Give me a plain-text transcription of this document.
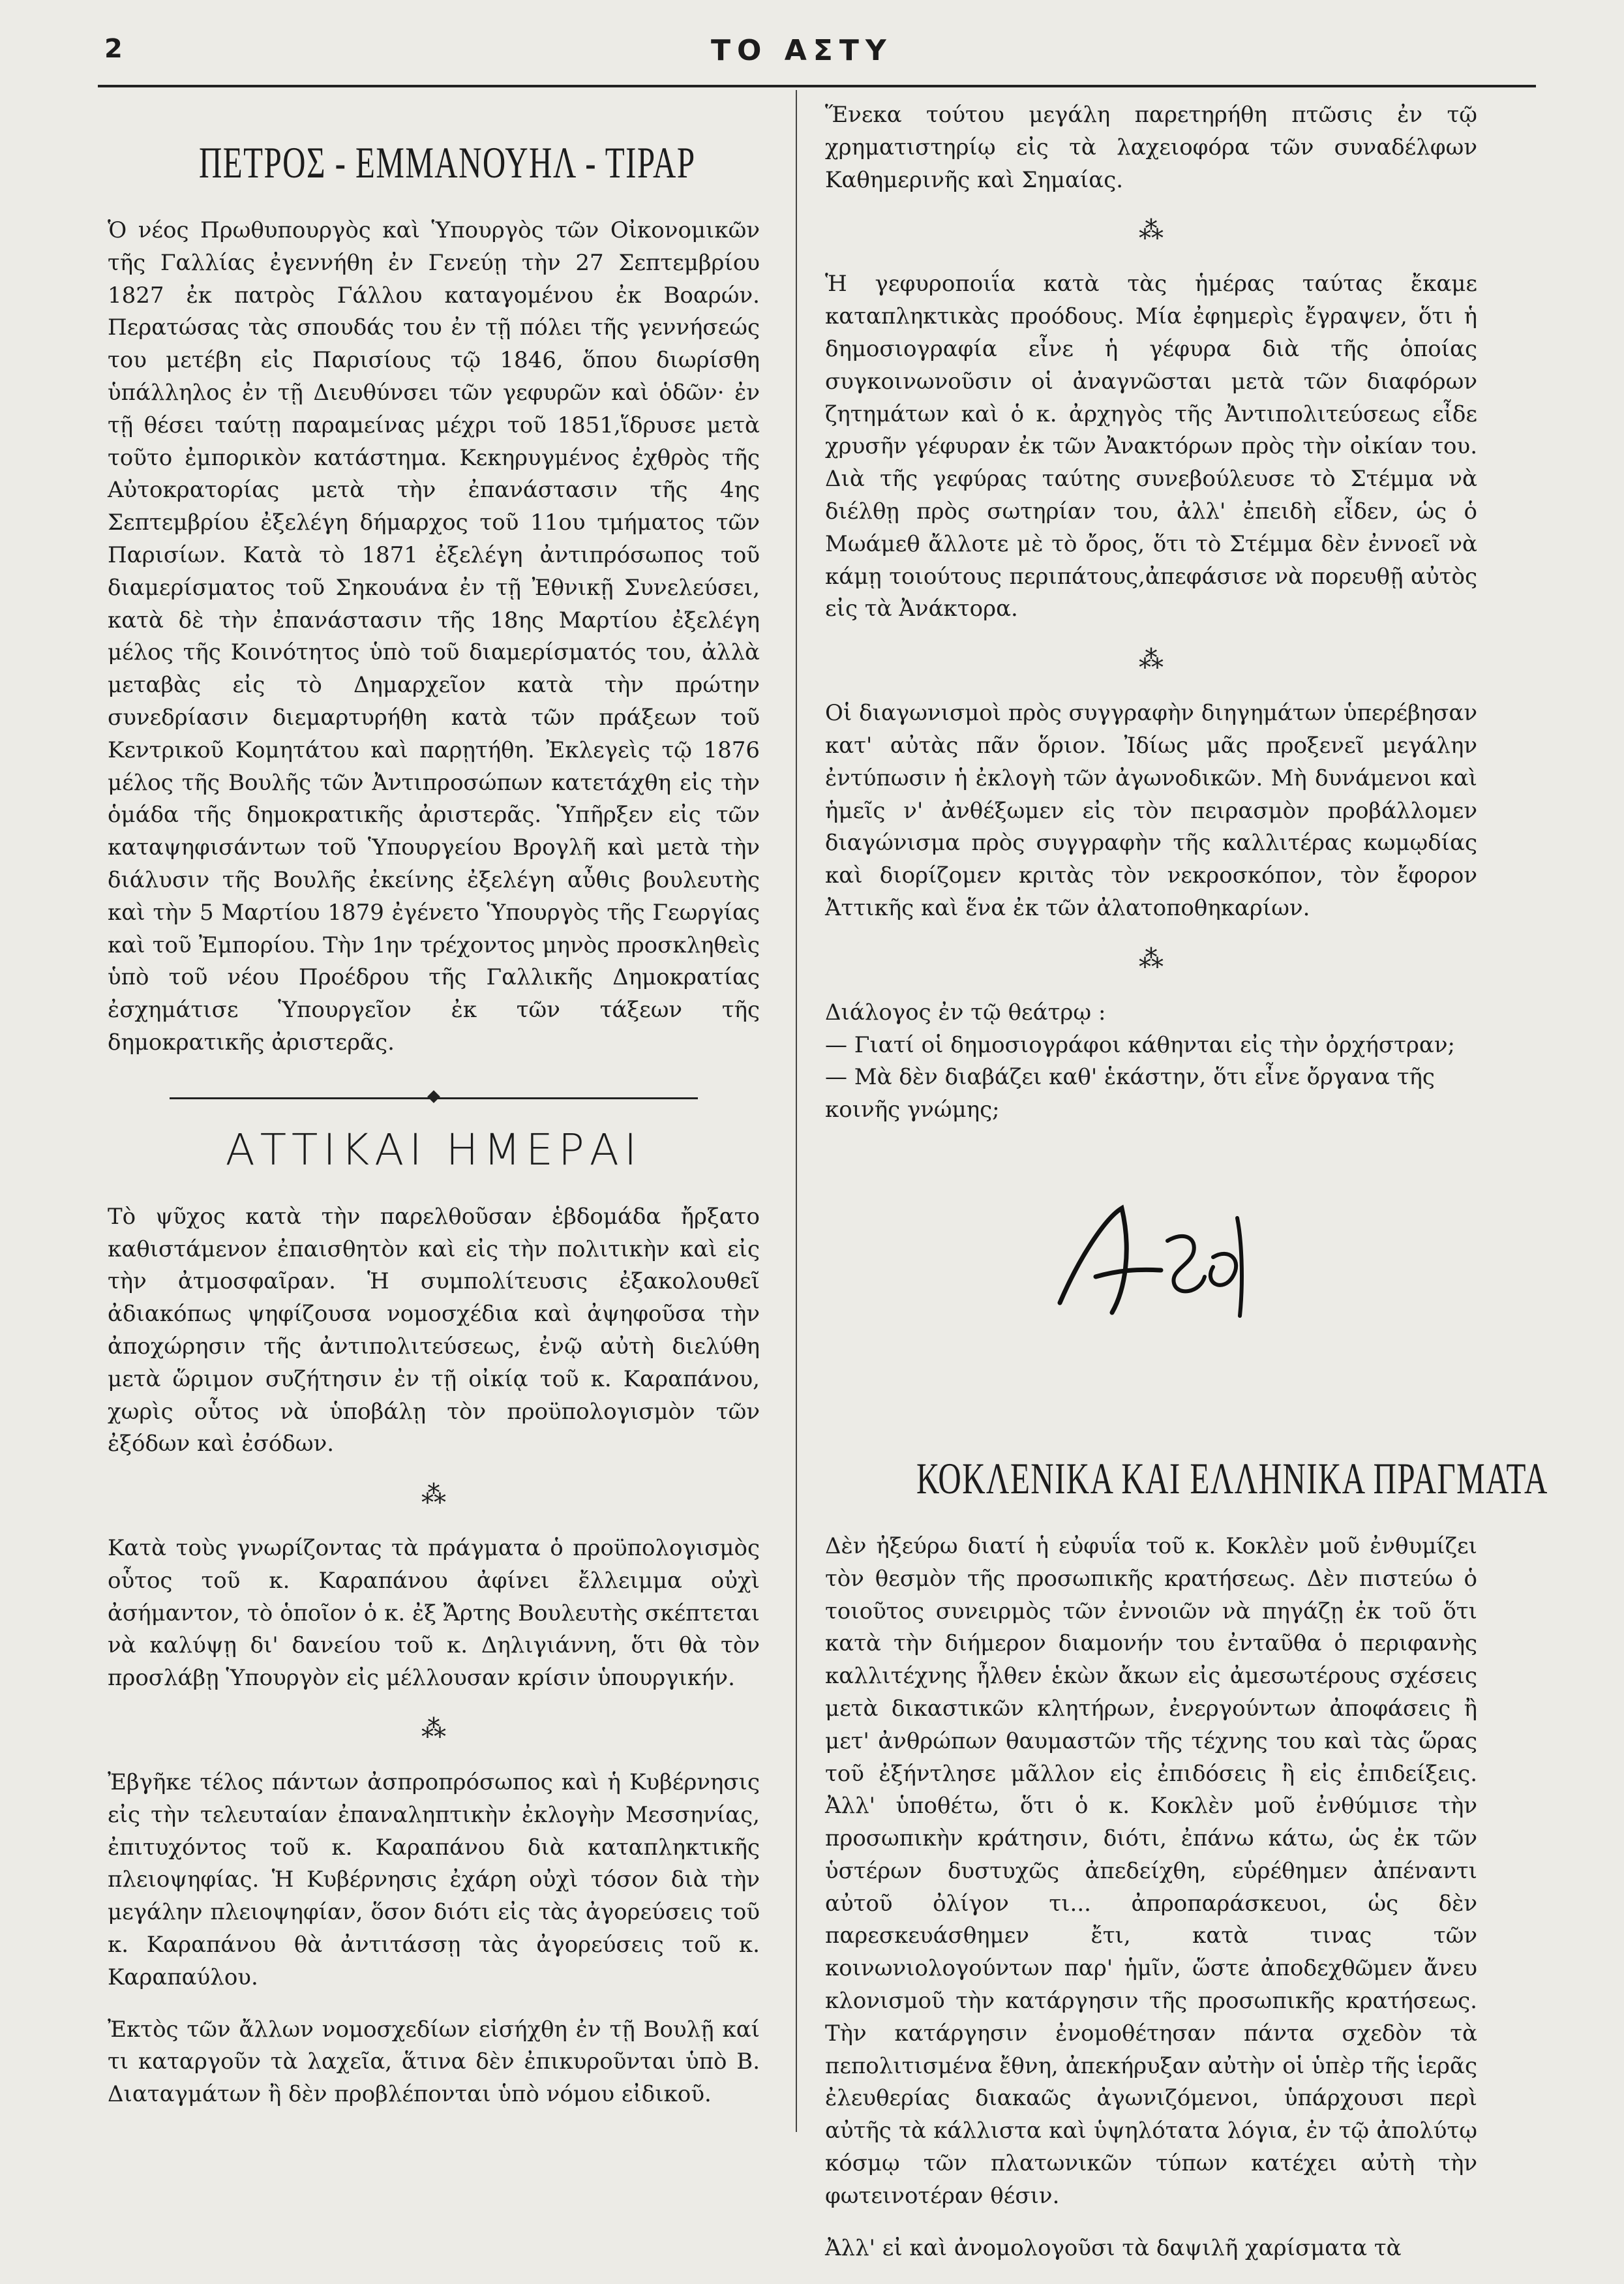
2	ΤΟ ΑΣΤΥ
ΠΕΤΡΟΣ - ΕΜΜΑΝΟΥΗΛ - ΤΙΡΑΡ

Ὁ νέος Πρωθυπουργὸς καὶ Ὑπουργὸς τῶν Οἰκονομικῶν τῆς Γαλλίας ἐγεννήθη ἐν Γενεύῃ τὴν 27 Σεπτεμβρίου 1827 ἐκ πατρὸς Γάλλου καταγομένου ἐκ Βοαρών. Περατώσας τὰς σπουδάς του ἐν τῇ πόλει τῆς γεννήσεώς του μετέβη εἰς Παρισίους τῷ 1846, ὅπου διωρίσθη ὑπάλληλος ἐν τῇ Διευθύνσει τῶν γεφυρῶν καὶ ὁδῶν· ἐν τῇ θέσει ταύτῃ παραμείνας μέχρι τοῦ 1851,ἵδρυσε μετὰ τοῦτο ἐμπορικὸν κατάστημα. Κεκηρυγμένος ἐχθρὸς τῆς Αὐτοκρατορίας μετὰ τὴν ἐπανάστασιν τῆς 4ης Σεπτεμβρίου ἐξελέγη δήμαρχος τοῦ 11ου τμήματος τῶν Παρισίων. Κατὰ τὸ 1871 ἐξελέγη ἀντιπρόσωπος τοῦ διαμερίσματος τοῦ Σηκουάνα ἐν τῇ Ἐθνικῇ Συνελεύσει, κατὰ δὲ τὴν ἐπανάστασιν τῆς 18ης Μαρτίου ἐξελέγη μέλος τῆς Κοινότητος ὑπὸ τοῦ διαμερίσματός του, ἀλλὰ μεταβὰς εἰς τὸ Δημαρχεῖον κατὰ τὴν πρώτην συνεδρίασιν διεμαρτυρήθη κατὰ τῶν πράξεων τοῦ Κεντρικοῦ Κομητάτου καὶ παρῃτήθη. Ἐκλεγεὶς τῷ 1876 μέλος τῆς Βουλῆς τῶν Ἀντιπροσώπων κατετάχθη εἰς τὴν ὁμάδα τῆς δημοκρατικῆς ἀριστερᾶς. Ὑπῆρξεν εἰς τῶν καταψηφισάντων τοῦ Ὑπουργείου Βρογλῆ καὶ μετὰ τὴν διάλυσιν τῆς Βουλῆς ἐκείνης ἐξελέγη αὖθις βουλευτὴς καὶ τὴν 5 Μαρτίου 1879 ἐγένετο Ὑπουργὸς τῆς Γεωργίας καὶ τοῦ Ἐμπορίου. Τὴν 1ην τρέχοντος μηνὸς προσκληθεὶς ὑπὸ τοῦ νέου Προέδρου τῆς Γαλλικῆς Δημοκρατίας ἐσχημάτισε Ὑπουργεῖον ἐκ τῶν τάξεων τῆς δημοκρατικῆς ἀριστερᾶς.

ΑΤΤΙΚΑΙ ΗΜΕΡΑΙ

Τὸ ψῦχος κατὰ τὴν παρελθοῦσαν ἑβδομάδα ἤρξατο καθιστάμενον ἐπαισθητὸν καὶ εἰς τὴν πολιτικὴν καὶ εἰς τὴν ἀτμοσφαῖραν. Ἡ συμπολίτευσις ἐξακολουθεῖ ἀδιακόπως ψηφίζουσα νομοσχέδια καὶ ἀψηφοῦσα τὴν ἀποχώρησιν τῆς ἀντιπολιτεύσεως, ἐνῷ αὐτὴ διελύθη μετὰ ὥριμον συζήτησιν ἐν τῇ οἰκίᾳ τοῦ κ. Καραπάνου, χωρὶς οὗτος νὰ ὑποβάλῃ τὸν προϋπολογισμὸν τῶν ἐξόδων καὶ ἐσόδων.

⁂

Κατὰ τοὺς γνωρίζοντας τὰ πράγματα ὁ προϋπολογισμὸς οὗτος τοῦ κ. Καραπάνου ἀφίνει ἔλλειμμα οὐχὶ ἀσήμαντον, τὸ ὁποῖον ὁ κ. ἐξ Ἄρτης Βουλευτὴς σκέπτεται νὰ καλύψῃ δι' δανείου τοῦ κ. Δηλιγιάννη, ὅτι θὰ τὸν προσλάβῃ Ὑπουργὸν εἰς μέλλουσαν κρίσιν ὑπουργικήν.

⁂

Ἐβγῆκε τέλος πάντων ἀσπροπρόσωπος καὶ ἡ Κυβέρνησις εἰς τὴν τελευταίαν ἐπαναληπτικὴν ἐκλογὴν Μεσσηνίας, ἐπιτυχόντος τοῦ κ. Καραπάνου διὰ καταπληκτικῆς πλειοψηφίας. Ἡ Κυβέρνησις ἐχάρη οὐχὶ τόσον διὰ τὴν μεγάλην πλειοψηφίαν, ὅσον διότι εἰς τὰς ἀγορεύσεις τοῦ κ. Καραπάνου θὰ ἀντιτάσσῃ τὰς ἀγορεύσεις τοῦ κ. Καραπαύλου.

Ἐκτὸς τῶν ἄλλων νομοσχεδίων εἰσήχθη ἐν τῇ Βουλῇ καί τι καταργοῦν τὰ λαχεῖα, ἅτινα δὲν ἐπικυροῦνται ὑπὸ Β. Διαταγμάτων ἢ δὲν προβλέπονται ὑπὸ νόμου εἰδικοῦ.

Ἕνεκα τούτου μεγάλη παρετηρήθη πτῶσις ἐν τῷ χρηματιστηρίῳ εἰς τὰ λαχειοφόρα τῶν συναδέλφων Καθημερινῆς καὶ Σημαίας.

⁂

Ἡ γεφυροποιΐα κατὰ τὰς ἡμέρας ταύτας ἔκαμε καταπληκτικὰς προόδους. Μία ἐφημερὶς ἔγραψεν, ὅτι ἡ δημοσιογραφία εἶνε ἡ γέφυρα διὰ τῆς ὁποίας συγκοινωνοῦσιν οἱ ἀναγνῶσται μετὰ τῶν διαφόρων ζητημάτων καὶ ὁ κ. ἀρχηγὸς τῆς Ἀντιπολιτεύσεως εἶδε χρυσῆν γέφυραν ἐκ τῶν Ἀνακτόρων πρὸς τὴν οἰκίαν του. Διὰ τῆς γεφύρας ταύτης συνεβούλευσε τὸ Στέμμα νὰ διέλθῃ πρὸς σωτηρίαν του, ἀλλ' ἐπειδὴ εἶδεν, ὡς ὁ Μωάμεθ ἄλλοτε μὲ τὸ ὄρος, ὅτι τὸ Στέμμα δὲν ἐννοεῖ νὰ κάμῃ τοιούτους περιπάτους,ἀπεφάσισε νὰ πορευθῇ αὐτὸς εἰς τὰ Ἀνάκτορα.

⁂

Οἱ διαγωνισμοὶ πρὸς συγγραφὴν διηγημάτων ὑπερέβησαν κατ' αὐτὰς πᾶν ὅριον. Ἰδίως μᾶς προξενεῖ μεγάλην ἐντύπωσιν ἡ ἐκλογὴ τῶν ἀγωνοδικῶν. Μὴ δυνάμενοι καὶ ἡμεῖς ν' ἀνθέξωμεν εἰς τὸν πειρασμὸν προβάλλομεν διαγώνισμα πρὸς συγγραφὴν τῆς καλλιτέρας κωμῳδίας καὶ διορίζομεν κριτὰς τὸν νεκροσκόπον, τὸν ἔφορον Ἀττικῆς καὶ ἕνα ἐκ τῶν ἀλατοποθηκαρίων.

⁂

Διάλογος ἐν τῷ θεάτρῳ :

— Γιατί οἱ δημοσιογράφοι κάθηνται εἰς τὴν ὀρχήστραν;

— Μὰ δὲν διαβάζει καθ' ἑκάστην, ὅτι εἶνε ὄργανα τῆς κοινῆς γνώμης;

ΚΟΚΛΕΝΙΚΑ ΚΑΙ ΕΛΛΗΝΙΚΑ ΠΡΑΓΜΑΤΑ

Δὲν ἠξεύρω διατί ἡ εὐφυΐα τοῦ κ. Κοκλὲν μοῦ ἐνθυμίζει τὸν θεσμὸν τῆς προσωπικῆς κρατήσεως. Δὲν πιστεύω ὁ τοιοῦτος συνειρμὸς τῶν ἐννοιῶν νὰ πηγάζῃ ἐκ τοῦ ὅτι κατὰ τὴν διήμερον διαμονήν του ἐνταῦθα ὁ περιφανὴς καλλιτέχνης ἦλθεν ἑκὼν ἄκων εἰς ἀμεσωτέρους σχέσεις μετὰ δικαστικῶν κλητήρων, ἐνεργούντων ἀποφάσεις ἢ μετ' ἀνθρώπων θαυμαστῶν τῆς τέχνης του καὶ τὰς ὥρας τοῦ ἐξήντλησε μᾶλλον εἰς ἐπιδόσεις ἢ εἰς ἐπιδείξεις. Ἀλλ' ὑποθέτω, ὅτι ὁ κ. Κοκλὲν μοῦ ἐνθύμισε τὴν προσωπικὴν κράτησιν, διότι, ἐπάνω κάτω, ὡς ἐκ τῶν ὑστέρων δυστυχῶς ἀπεδείχθη, εὑρέθημεν ἀπέναντι αὐτοῦ ὀλίγον τι... ἀπροπαράσκευοι, ὡς δὲν παρεσκευάσθημεν ἔτι, κατὰ τινας τῶν κοινωνιολογούντων παρ' ἡμῖν, ὥστε ἀποδεχθῶμεν ἄνευ κλονισμοῦ τὴν κατάργησιν τῆς προσωπικῆς κρατήσεως. Τὴν κατάργησιν ἐνομοθέτησαν πάντα σχεδὸν τὰ πεπολιτισμένα ἔθνη, ἀπεκήρυξαν αὐτὴν οἱ ὑπὲρ τῆς ἱερᾶς ἐλευθερίας διακαῶς ἀγωνιζόμενοι, ὑπάρχουσι περὶ αὐτῆς τὰ κάλλιστα καὶ ὑψηλότατα λόγια, ἐν τῷ ἀπολύτῳ κόσμῳ τῶν πλατωνικῶν τύπων κατέχει αὐτὴ τὴν φωτεινοτέραν θέσιν.

Ἀλλ' εἰ καὶ ἀνομολογοῦσι τὰ δαψιλῆ χαρίσματα τὰ
